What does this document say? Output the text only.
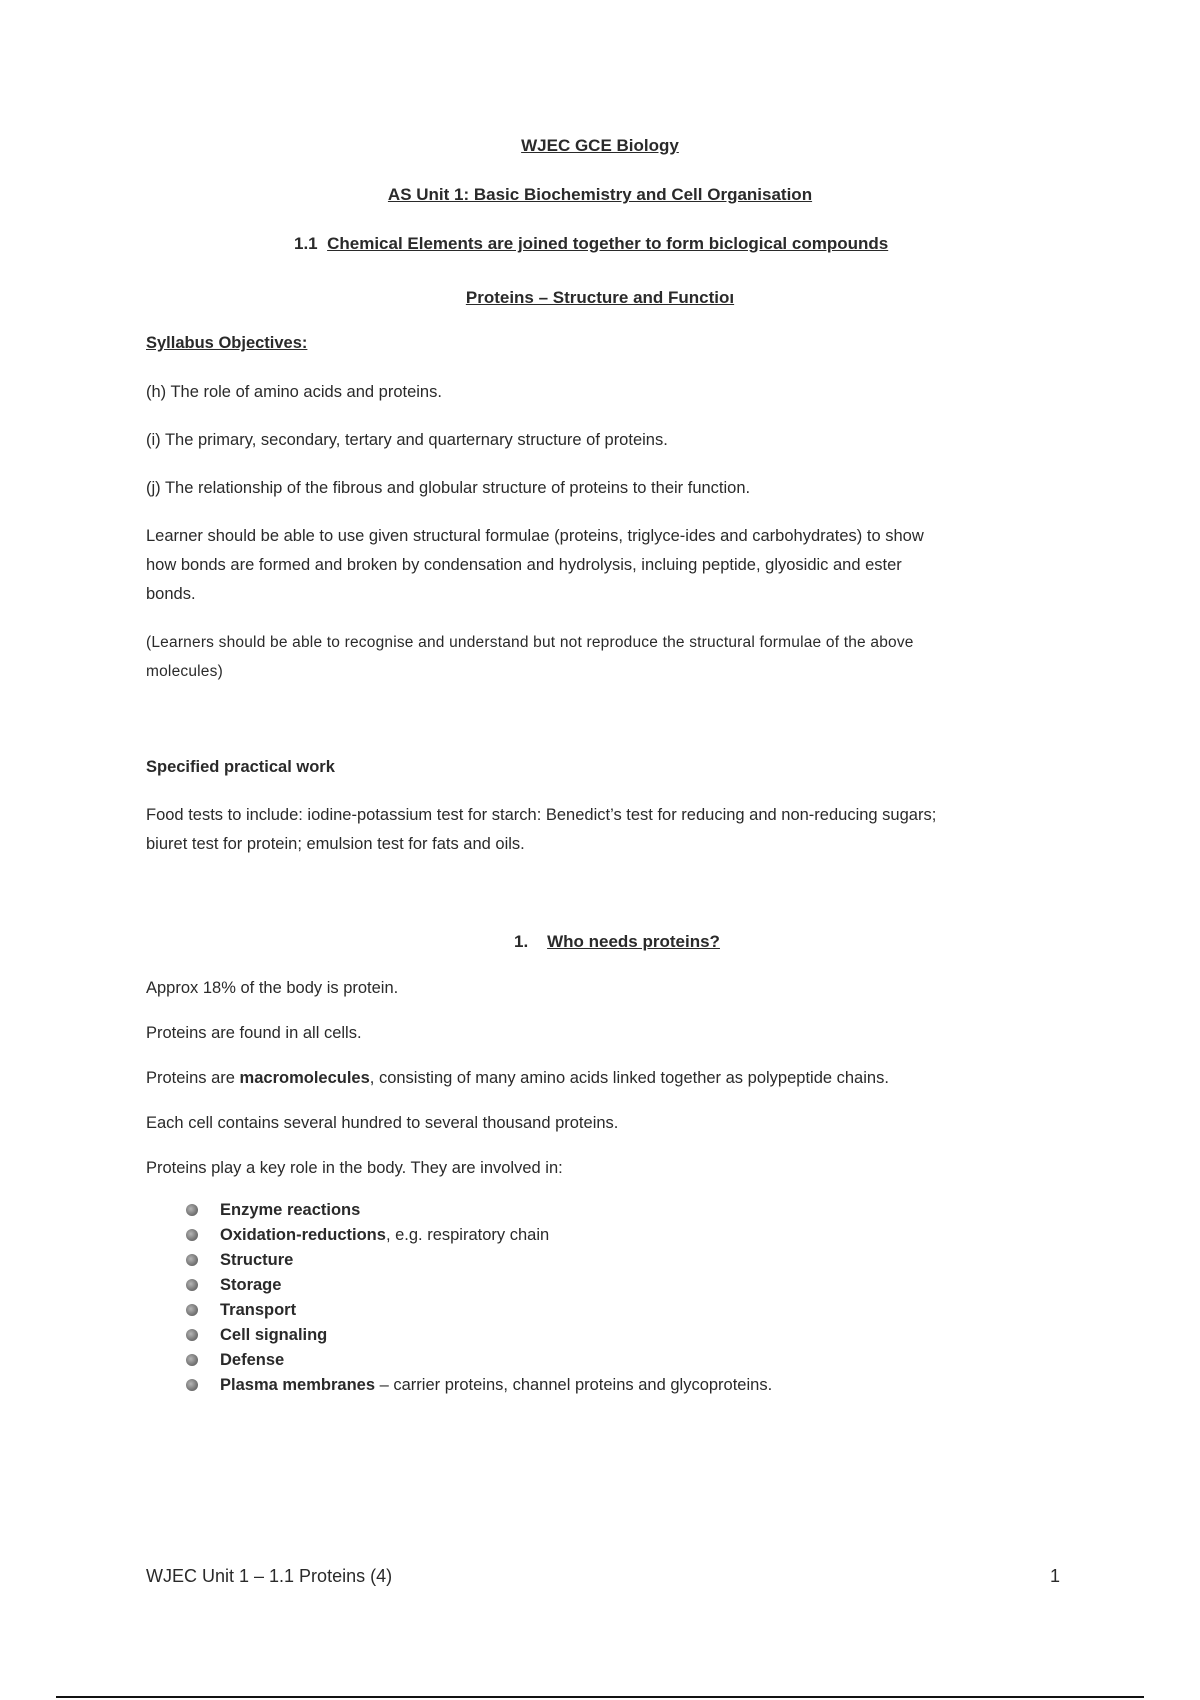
WJEC GCE Biology
AS Unit 1: Basic Biochemistry and Cell Organisation
1.1 Chemical Elements are joined together to form biclogical compounds
Proteins – Structure and Functioı
Syllabus Objectives:
(h) The role of amino acids and proteins.
(i) The primary, secondary, tertary and quarternary structure of proteins.
(j) The relationship of the fibrous and globular structure of proteins to their function.
Learner should be able to use given structural formulae (proteins, triglyce-ides and carbohydrates) to show
how bonds are formed and broken by condensation and hydrolysis, incluing peptide, glyosidic and ester
bonds.
(Learners should be able to recognise and understand but not reproduce the structural formulae of the above
molecules)
Specified practical work
Food tests to include: iodine-potassium test for starch: Benedict’s test for reducing and non-reducing sugars;
biuret test for protein; emulsion test for fats and oils.
1. Who needs proteins?
Approx 18% of the body is protein.
Proteins are found in all cells.
Proteins are macromolecules, consisting of many amino acids linked together as polypeptide chains.
Each cell contains several hundred to several thousand proteins.
Proteins play a key role in the body. They are involved in:
Enzyme reactions
Oxidation-reductions, e.g. respiratory chain
Structure
Storage
Transport
Cell signaling
Defense
Plasma membranes – carrier proteins, channel proteins and glycoproteins.
WJEC Unit 1 – 1.1 Proteins (4)	1
